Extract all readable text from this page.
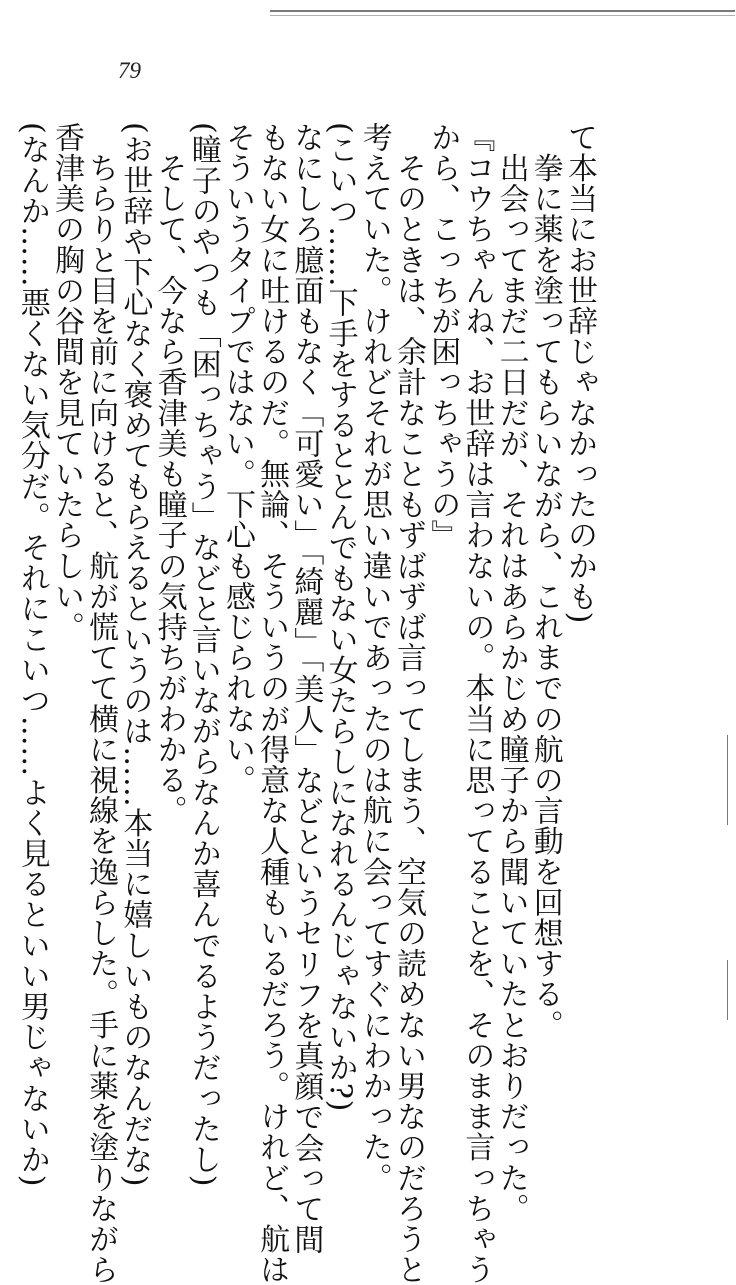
79
て本当にお世辞じゃなかったのかも)
　拳に薬を塗ってもらいながら、これまでの航の言動を回想する。
　出会ってまだ二日だが、それはあらかじめ瞳子から聞いていたとおりだった。
『コウちゃんね、お世辞は言わないの。本当に思ってることを、そのまま言っちゃう
から、こっちが困っちゃうの』
　そのときは、余計なこともずばずば言ってしまう、空気の読めない男なのだろうと
考えていた。けれどそれが思い違いであったのは航に会ってすぐにわかった。
(こいつ……下手をするととんでもない女たらしになれるんじゃないか?)
なにしろ臆面もなく「可愛い」「綺麗」「美人」などというセリフを真顔で会って間
もない女に吐けるのだ。無論、そういうのが得意な人種もいるだろう。けれど、航は
そういうタイプではない。下心も感じられない。
(瞳子のやつも「困っちゃう」などと言いながらなんか喜んでるようだったし)
　そして、今なら香津美も瞳子の気持ちがわかる。
(お世辞や下心なく褒めてもらえるというのは……本当に嬉しいものなんだな)
　ちらりと目を前に向けると、航が慌てて横に視線を逸らした。手に薬を塗りながら
香津美の胸の谷間を見ていたらしい。
(なんか……悪くない気分だ。それにこいつ……よく見るといい男じゃないか)
